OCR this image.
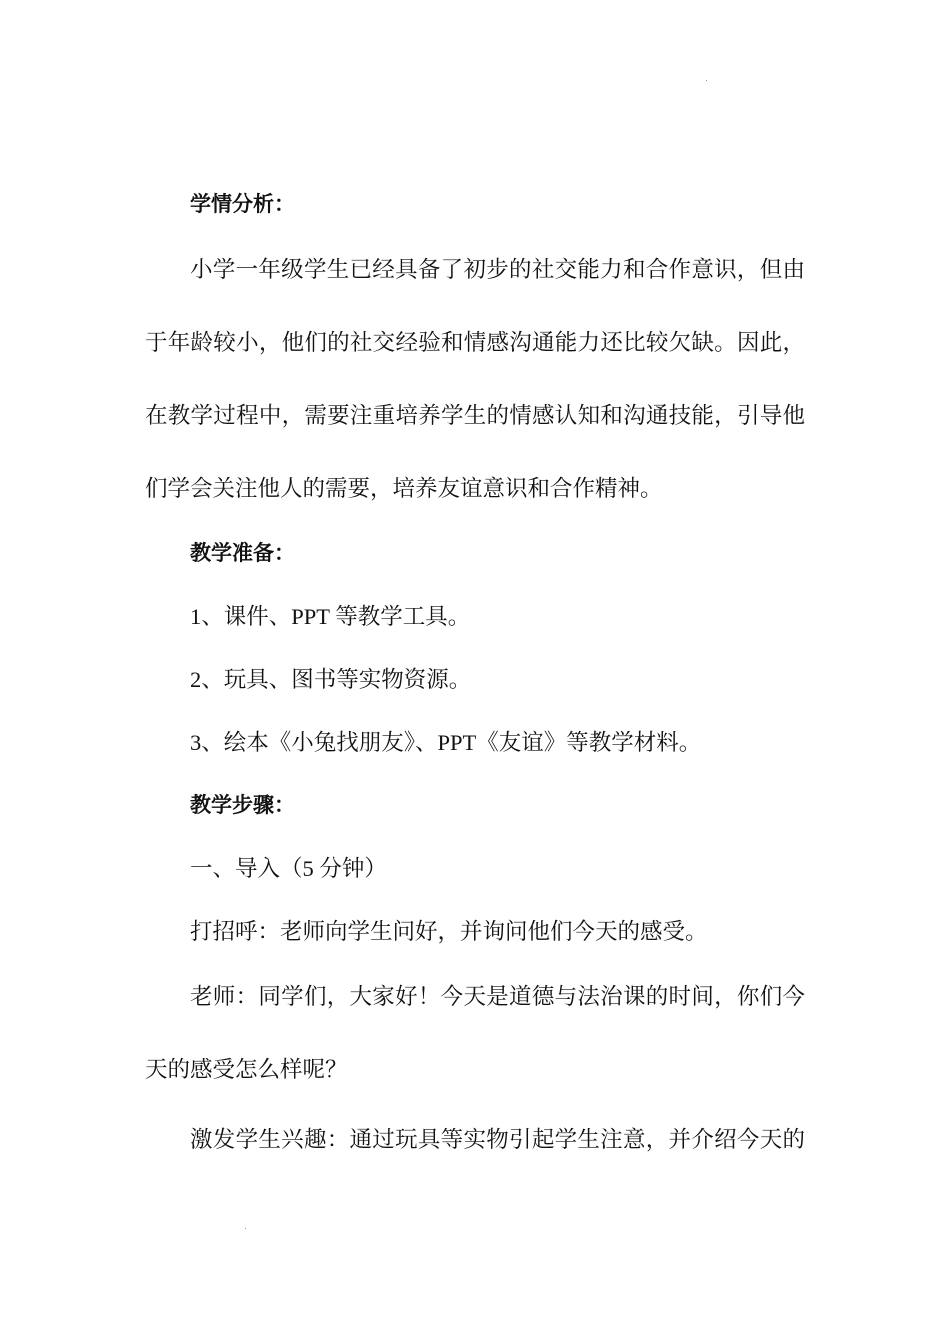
学情分析：
小学一年级学生已经具备了初步的社交能力和合作意识，但由
于年龄较小，他们的社交经验和情感沟通能力还比较欠缺。因此，
在教学过程中，需要注重培养学生的情感认知和沟通技能，引导他
们学会关注他人的需要，培养友谊意识和合作精神。
教学准备：
1、课件、PPT 等教学工具。
2、玩具、图书等实物资源。
3、绘本《小兔找朋友》、PPT《友谊》等教学材料。
教学步骤：
一、导入（5 分钟）
打招呼：老师向学生问好，并询问他们今天的感受。
老师：同学们，大家好！今天是道德与法治课的时间，你们今
天的感受怎么样呢？
激发学生兴趣：通过玩具等实物引起学生注意，并介绍今天的
